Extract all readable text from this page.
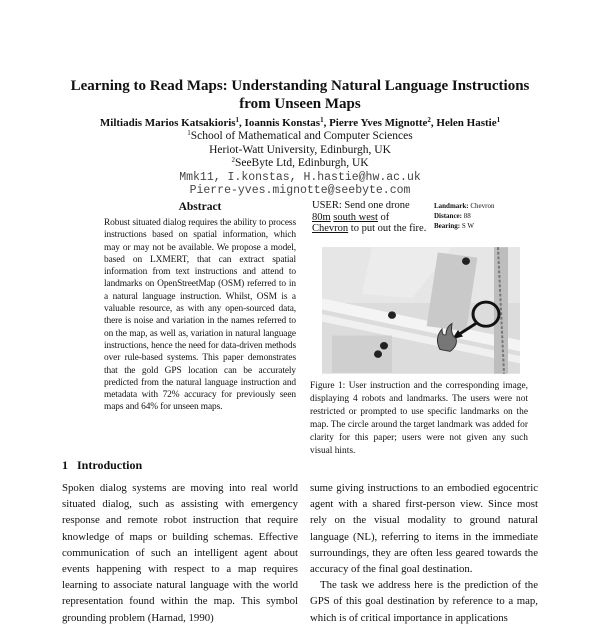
Learning to Read Maps: Understanding Natural Language Instructions from Unseen Maps
Miltiadis Marios Katsakioris$^1$, Ioannis Konstas$^1$, Pierre Yves Mignotte$^2$, Helen Hastie$^1$
$^1$School of Mathematical and Computer Sciences
Heriot-Watt University, Edinburgh, UK
$^2$SeeByte Ltd, Edinburgh, UK
Mmk11, I.konstas, H.hastie@hw.ac.uk
Pierre-yves.mignotte@seebyte.com
Abstract
Robust situated dialog requires the ability to process instructions based on spatial information, which may or may not be available. We propose a model, based on LXMERT, that can extract spatial information from text instructions and attend to landmarks on OpenStreetMap (OSM) referred to in a natural language instruction. Whilst, OSM is a valuable resource, as with any open-sourced data, there is noise and variation in the names referred to on the map, as well as, variation in natural language instructions, hence the need for data-driven methods over rule-based systems. This paper demonstrates that the gold GPS location can be accurately predicted from the natural language instruction and metadata with 72% accuracy for previously seen maps and 64% for unseen maps.
USER: Send one drone 80m south west of Chevron to put out the fire.
Landmark: Chevron
Distance: 88
Bearing: S W
Figure 1: User instruction and the corresponding image, displaying 4 robots and landmarks. The users were not restricted or prompted to use specific landmarks on the map. The circle around the target landmark was added for clarity for this paper; users were not given any such visual hints.
1 Introduction
Spoken dialog systems are moving into real world situated dialog, such as assisting with emergency response and remote robot instruction that require knowledge of maps or building schemas. Effective communication of such an intelligent agent about events happening with respect to a map requires learning to associate natural language with the world representation found within the map. This symbol grounding problem (Harnad, 1990)

sume giving instructions to an embodied egocentric agent with a shared first-person view. Since most rely on the visual modality to ground natural language (NL), referring to items in the immediate surroundings, they are often less geared towards the accuracy of the final goal destination.

The task we address here is the prediction of the GPS of this goal destination by reference to a map, which is of critical importance in applications
